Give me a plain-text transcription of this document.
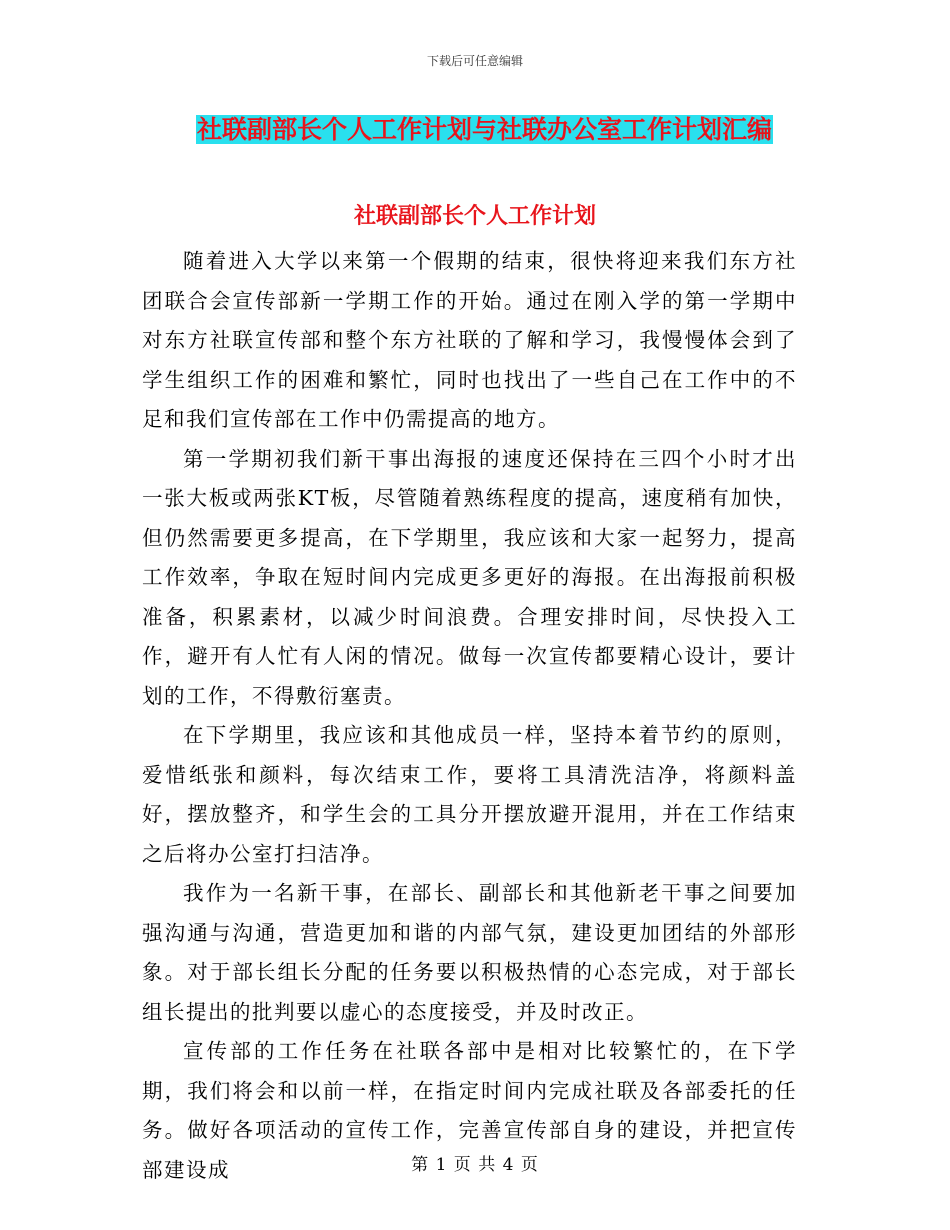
下载后可任意编辑
社联副部长个人工作计划与社联办公室工作计划汇编
社联副部长个人工作计划

随着进入大学以来第一个假期的结束，很快将迎来我们东方社团联合会宣传部新一学期工作的开始。通过在刚入学的第一学期中对东方社联宣传部和整个东方社联的了解和学习，我慢慢体会到了学生组织工作的困难和繁忙，同时也找出了一些自己在工作中的不足和我们宣传部在工作中仍需提高的地方。

第一学期初我们新干事出海报的速度还保持在三四个小时才出一张大板或两张KT板，尽管随着熟练程度的提高，速度稍有加快，但仍然需要更多提高，在下学期里，我应该和大家一起努力，提高工作效率，争取在短时间内完成更多更好的海报。在出海报前积极准备，积累素材，以减少时间浪费。合理安排时间，尽快投入工作，避开有人忙有人闲的情况。做每一次宣传都要精心设计，要计划的工作，不得敷衍塞责。

在下学期里，我应该和其他成员一样，坚持本着节约的原则，爱惜纸张和颜料，每次结束工作，要将工具清洗洁净，将颜料盖好，摆放整齐，和学生会的工具分开摆放避开混用，并在工作结束之后将办公室打扫洁净。

我作为一名新干事，在部长、副部长和其他新老干事之间要加强沟通与沟通，营造更加和谐的内部气氛，建设更加团结的外部形象。对于部长组长分配的任务要以积极热情的心态完成，对于部长组长提出的批判要以虚心的态度接受，并及时改正。

宣传部的工作任务在社联各部中是相对比较繁忙的，在下学期，我们将会和以前一样，在指定时间内完成社联及各部委托的任务。做好各项活动的宣传工作，完善宣传部自身的建设，并把宣传部建设成	第 1 页 共 4 页
